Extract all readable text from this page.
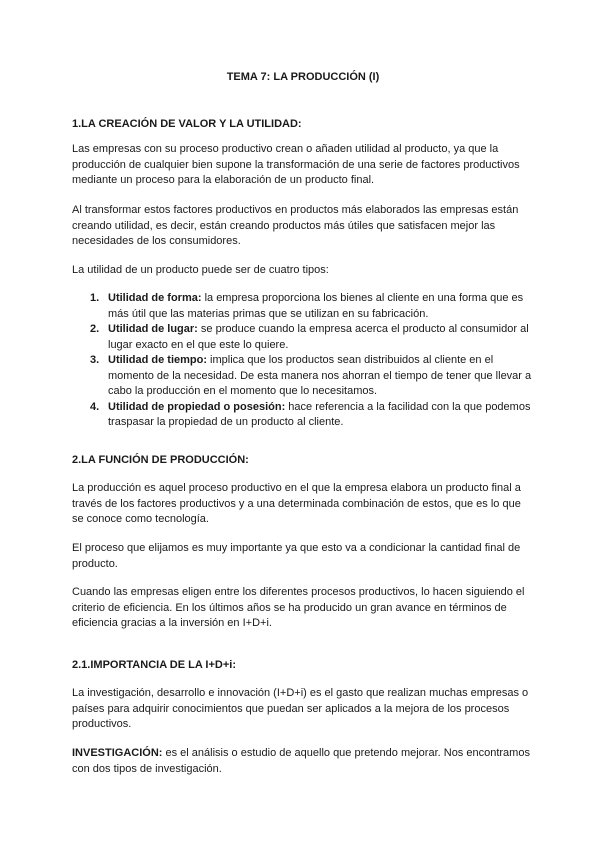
TEMA 7: LA PRODUCCIÓN (I)

1.LA CREACIÓN DE VALOR Y LA UTILIDAD:

Las empresas con su proceso productivo crean o añaden utilidad al producto, ya que la producción de cualquier bien supone la transformación de una serie de factores productivos mediante un proceso para la elaboración de un producto final.

Al transformar estos factores productivos en productos más elaborados las empresas están creando utilidad, es decir, están creando productos más útiles que satisfacen mejor las necesidades de los consumidores.

La utilidad de un producto puede ser de cuatro tipos:

1. Utilidad de forma: la empresa proporciona los bienes al cliente en una forma que es más útil que las materias primas que se utilizan en su fabricación.
2. Utilidad de lugar: se produce cuando la empresa acerca el producto al consumidor al lugar exacto en el que este lo quiere.
3. Utilidad de tiempo: implica que los productos sean distribuidos al cliente en el momento de la necesidad. De esta manera nos ahorran el tiempo de tener que llevar a cabo la producción en el momento que lo necesitamos.
4. Utilidad de propiedad o posesión: hace referencia a la facilidad con la que podemos traspasar la propiedad de un producto al cliente.

2.LA FUNCIÓN DE PRODUCCIÓN:

La producción es aquel proceso productivo en el que la empresa elabora un producto final a través de los factores productivos y a una determinada combinación de estos, que es lo que se conoce como tecnología.

El proceso que elijamos es muy importante ya que esto va a condicionar la cantidad final de producto.

Cuando las empresas eligen entre los diferentes procesos productivos, lo hacen siguiendo el criterio de eficiencia. En los últimos años se ha producido un gran avance en términos de eficiencia gracias a la inversión en I+D+i.

2.1.IMPORTANCIA DE LA I+D+i:

La investigación, desarrollo e innovación (I+D+i) es el gasto que realizan muchas empresas o países para adquirir conocimientos que puedan ser aplicados a la mejora de los procesos productivos.

INVESTIGACIÓN: es el análisis o estudio de aquello que pretendo mejorar. Nos encontramos con dos tipos de investigación.
